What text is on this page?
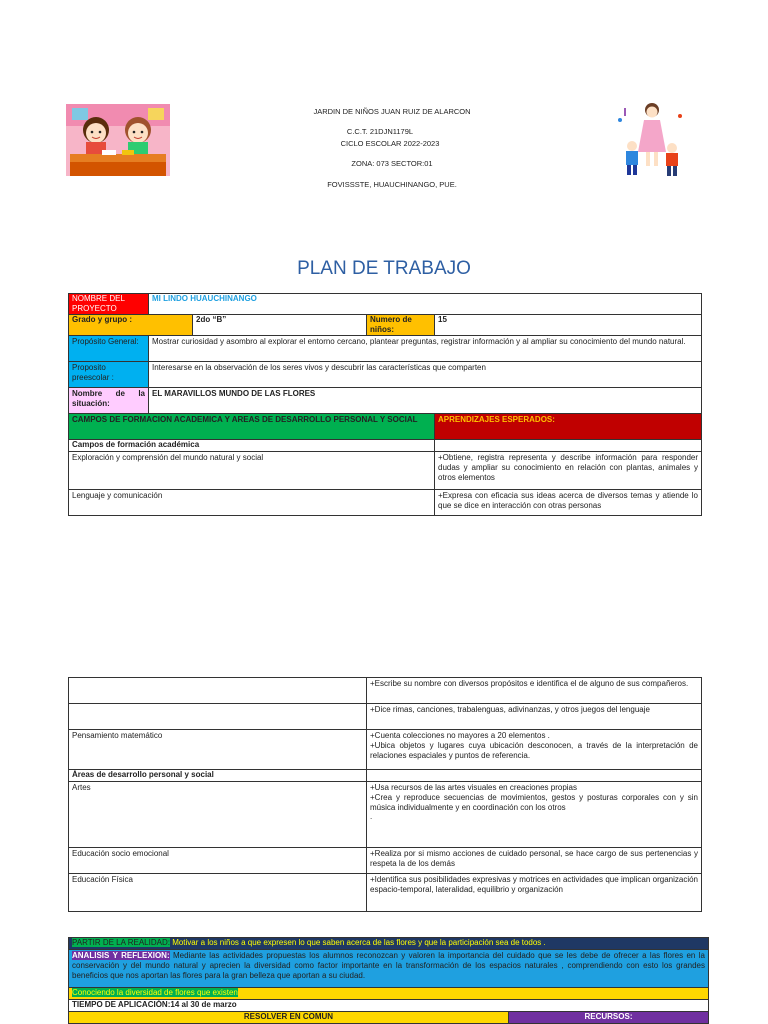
JARDIN DE NIÑOS JUAN RUIZ DE ALARCON
C.C.T. 21DJN1179L
CICLO ESCOLAR 2022-2023
ZONA: 073 SECTOR:01
FOVISSSTE, HUAUCHINANGO, PUE.
PLAN DE TRABAJO
NOMBRE DEL PROYECTO	MI LINDO HUAUCHINANGO			
Grado y grupo :		2do “B”	Numero de niños:	15
Propósito General:	Mostrar curiosidad y asombro al explorar el entorno cercano, plantear preguntas, registrar información y al ampliar su conocimiento del mundo natural.			
Proposito preescolar :	Interesarse en la observación de los seres vivos y descubrir las características que comparten			
Nombre de la situación:	EL MARAVILLOS MUNDO DE LAS FLORES			
CAMPOS DE FORMACION ACADEMICA Y AREAS DE DESARROLLO PERSONAL Y SOCIAL				APRENDIZAJES ESPERADOS:
Campos de formación académica				
Exploración y comprensión del mundo natural y social				+Obtiene, registra representa y describe información para responder dudas y ampliar su conocimiento en relación con plantas, animales y otros elementos
Lenguaje y comunicación				+Expresa con eficacia sus ideas acerca de diversos temas y atiende lo que se dice en interacción con otras personas
	+Escribe su nombre con diversos propósitos e identifica el de alguno de sus compañeros.
	+Dice rimas, canciones, trabalenguas, adivinanzas, y otros juegos del lenguaje
Pensamiento matemático	+Cuenta colecciones no mayores a 20 elementos .
+Ubica objetos y lugares cuya ubicación desconocen, a través de la interpretación de relaciones espaciales y puntos de referencia.

Áreas de desarrollo personal y social	
Artes	+Usa recursos de las artes visuales en creaciones propias
+Crea y reproduce secuencias de movimientos, gestos y posturas corporales con y sin música individualmente y en coordinación con los otros
.

Educación socio emocional	+Realiza por si mismo acciones de cuidado personal, se hace cargo de sus pertenencias y respeta la de los demás
Educación Física	+Identifica sus posibilidades expresivas y motrices en actividades que implican organización espacio-temporal, lateralidad, equilibrio y organización
PARTIR DE LA REALIDAD: Motivar a los niños a que expresen lo que saben acerca de las flores y que la participación sea de todos .
ANALISIS Y REFLEXION: Mediante las actividades propuestas los alumnos reconozcan y valoren la importancia del cuidado que se les debe de ofrecer a las flores en la conservación y del mundo natural y aprecien la diversidad como factor importante en la transformación de los espacios naturales , comprendiendo con esto los grandes beneficios que nos aportan las flores para la gran belleza que aportan a su ciudad.
Conociendo la diversidad de flores que existen
TIEMPO DE APLICACIÓN:14 al 30 de marzo
RESOLVER EN COMUN	RECURSOS:
